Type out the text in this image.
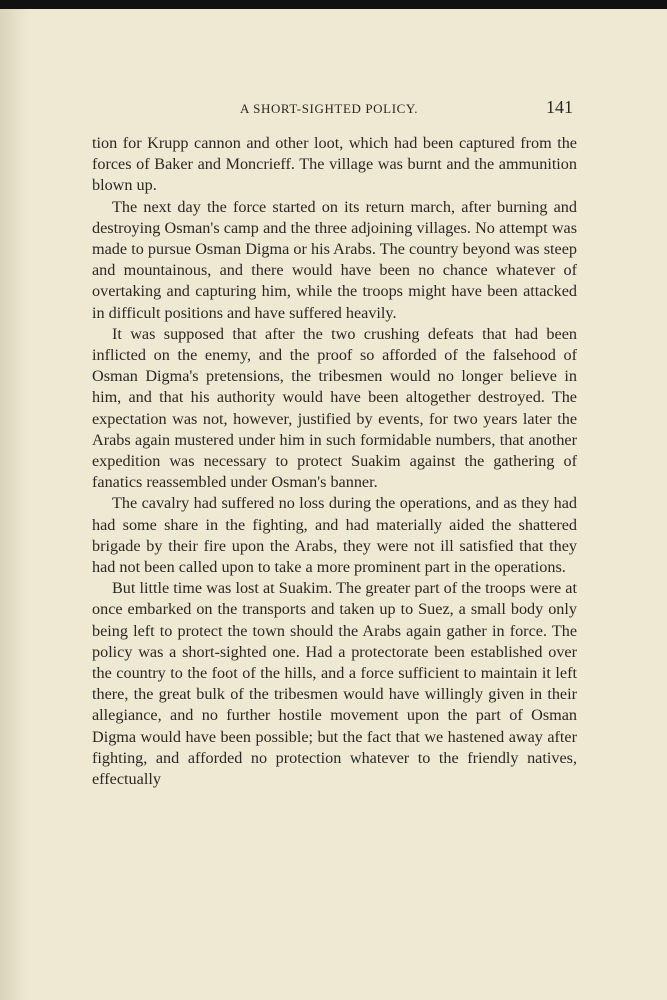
A SHORT-SIGHTED POLICY.	141

tion for Krupp cannon and other loot, which had been captured from the forces of Baker and Moncrieff. The village was burnt and the ammunition blown up.

The next day the force started on its return march, after burning and destroying Osman's camp and the three adjoining villages. No attempt was made to pursue Osman Digma or his Arabs. The country beyond was steep and mountainous, and there would have been no chance whatever of overtaking and capturing him, while the troops might have been attacked in difficult positions and have suffered heavily.

It was supposed that after the two crushing defeats that had been inflicted on the enemy, and the proof so afforded of the falsehood of Osman Digma's pretensions, the tribesmen would no longer believe in him, and that his authority would have been altogether destroyed. The expectation was not, however, justified by events, for two years later the Arabs again mustered under him in such formidable numbers, that another expedition was necessary to protect Suakim against the gathering of fanatics reassembled under Osman's banner.

The cavalry had suffered no loss during the operations, and as they had had some share in the fighting, and had materially aided the shattered brigade by their fire upon the Arabs, they were not ill satisfied that they had not been called upon to take a more prominent part in the operations.

But little time was lost at Suakim. The greater part of the troops were at once embarked on the transports and taken up to Suez, a small body only being left to protect the town should the Arabs again gather in force. The policy was a short-sighted one. Had a protectorate been established over the country to the foot of the hills, and a force sufficient to maintain it left there, the great bulk of the tribesmen would have willingly given in their allegiance, and no further hostile movement upon the part of Osman Digma would have been possible; but the fact that we hastened away after fighting, and afforded no protection whatever to the friendly natives, effectually
